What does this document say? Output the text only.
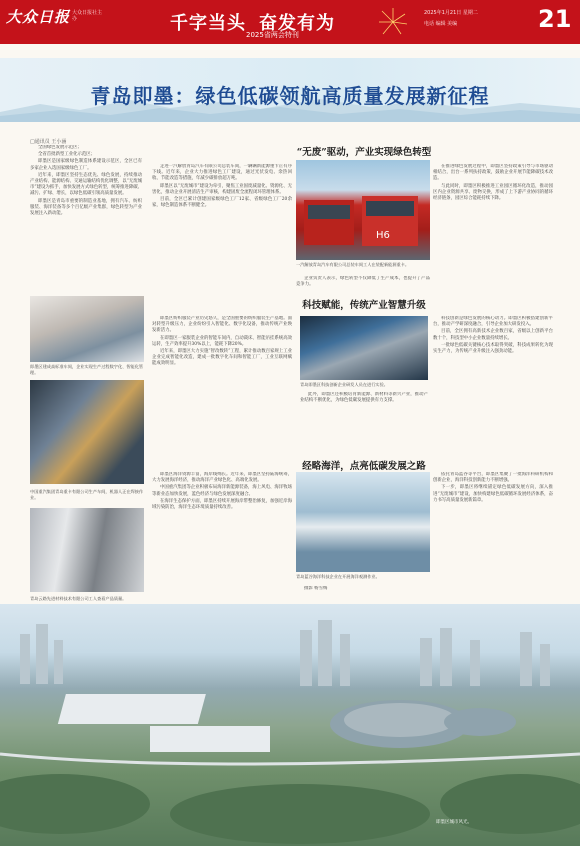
大众日报 大众日报社主办	千字当头 奋发有为
2025省两会特刊
2025年1月21日 星期二
电话 编辑 美编	21
青岛即墨：绿色低碳领航高质量发展新征程
□通讯员 王小涵

全国绿色发展示范区；

全省首批新型工业化示范区；

即墨区是国家级绿色制造体系建设示范区，全区已有多家企业入选国家级绿色工厂。

近年来，即墨区坚持生态优先、绿色发展，持续推动产业结构、能源结构、交通运输结构优化调整，以“无废城市”建设为抓手，加快发展方式绿色转型，统筹推进降碳、减污、扩绿、增长，以绿色低碳引领高质量发展。

即墨区是青岛市重要的制造业基地，拥有汽车、纺织服装、海洋装备等多个百亿级产业集群，绿色转型为产业发展注入新动能。

即墨区建成高标准车间，企业实现生产过程数字化、智能化管理。
中国重汽集团青岛重卡有限公司生产车间，机器人正在焊接作业。
青岛云路先进材料技术有限公司工人查看产品质量。
“无废”驱动，产业实现绿色转型

走进一汽解放青岛汽车有限公司总装车间，一辆辆新能源重卡正有序下线。近年来，企业大力推进绿色工厂建设，通过光伏发电、余热回收、节能改造等措施，年减少碳排放超万吨。

即墨区以“无废城市”建设为牵引，聚焦工业固废减量化、资源化、无害化，推动企业开展清洁生产审核，构建固废全流程闭环管理体系。

目前，全区已累计创建国家级绿色工厂12家、省级绿色工厂20余家，绿色制造体系不断健全。

H6
一汽解放青岛汽车有限公司总装车间工人在装配新能源重卡。

企业负责人表示，绿色转型不仅降低了生产成本，也提升了产品竞争力。

在推进绿色发展过程中，即墨区坚持政策引导与市场驱动相结合，出台一系列扶持政策，鼓励企业开展节能降碳技术改造。

与此同时，即墨区积极推进工业园区循环化改造，推动园区内企业资源共享、废物交换，形成了上下游产业协同的循环经济链条，园区综合能耗持续下降。

科技赋能，传统产业智慧升级

即墨区纺织服装产业历史悠久，是全国重要的纺织服装生产基地。面对转型升级压力，企业纷纷引入智能化、数字化设备，推动传统产业焕发新活力。

在即墨区一家服装企业的智能车间内，自动裁床、智能吊挂系统高效运转，生产效率提升30%以上，能耗下降20%。

近年来，即墨区大力实施“智改数转”工程，累计推动数百家规上工业企业完成智能化改造，建成一批数字化车间和智能工厂，工业互联网赋能成效明显。

青岛即墨区科技创新企业研发人员在进行实验。

此外，即墨区还积极培育新能源、新材料等新兴产业，推动产业结构不断优化，为绿色低碳发展提供有力支撑。

科技创新是绿色发展的核心动力。即墨区积极搭建创新平台，推动产学研深度融合，引导企业加大研发投入。

目前，全区拥有高新技术企业数百家，省级以上创新平台数十个，科技型中小企业数量持续增长。

一批绿色低碳关键核心技术取得突破，科技成果转化为现实生产力，为传统产业升级注入强劲动能。

经略海洋，点亮低碳发展之路

即墨区海洋资源丰富，海岸线绵长。近年来，即墨区坚持陆海统筹，大力发展海洋经济，推动海洋产业绿色化、高端化发展。

中国重汽集团等企业积极布局海洋新能源装备，海上风电、海洋牧场等新业态加快发展，蓝色经济与绿色发展深度融合。

在海洋生态保护方面，即墨区持续开展海岸带整治修复，加强近岸海域污染防治，海洋生态环境质量持续改善。

青岛蓝谷海洋科技企业在开展海洋观测作业。

摄影 杨雪梅

依托青岛蓝谷等平台，即墨区集聚了一批海洋科研机构和创新企业，海洋科技创新能力不断增强。

下一步，即墨区将继续锚定绿色低碳发展方向，深入推进“无废城市”建设，加快构建绿色低碳循环发展经济体系，奋力书写高质量发展新篇章。

即墨区城市风光。
